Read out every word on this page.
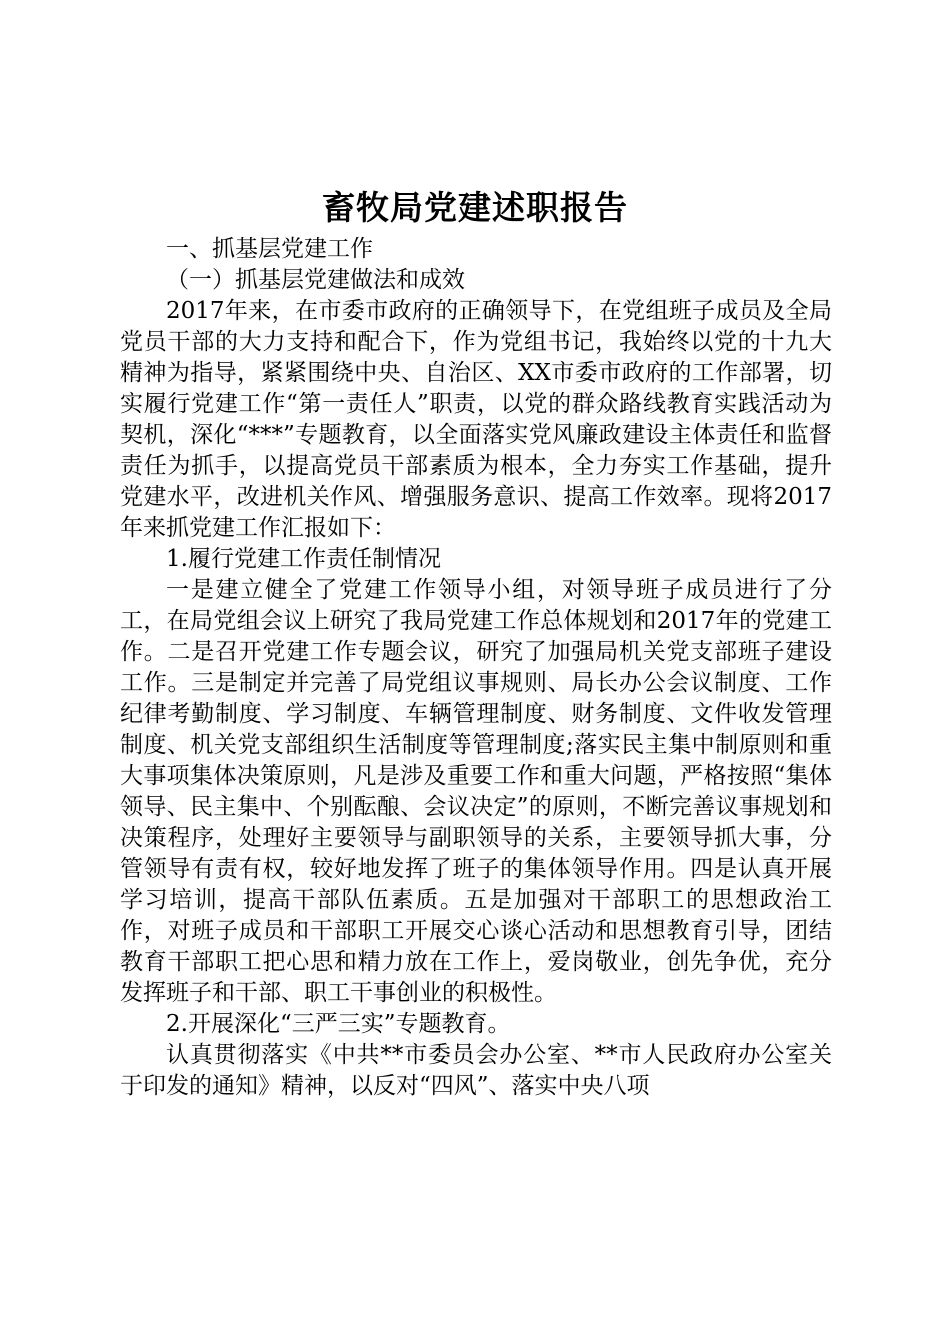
畜牧局党建述职报告

一、抓基层党建工作

（一）抓基层党建做法和成效

2017年来，在市委市政府的正确领导下，在党组班子成员及全局党员干部的大力支持和配合下，作为党组书记，我始终以党的十九大精神为指导，紧紧围绕中央、自治区、XX市委市政府的工作部署，切实履行党建工作“第一责任人”职责，以党的群众路线教育实践活动为契机，深化“***”专题教育，以全面落实党风廉政建设主体责任和监督责任为抓手，以提高党员干部素质为根本，全力夯实工作基础，提升党建水平，改进机关作风、增强服务意识、提高工作效率。现将2017年来抓党建工作汇报如下：

1.履行党建工作责任制情况

一是建立健全了党建工作领导小组，对领导班子成员进行了分工，在局党组会议上研究了我局党建工作总体规划和2017年的党建工作。二是召开党建工作专题会议，研究了加强局机关党支部班子建设工作。三是制定并完善了局党组议事规则、局长办公会议制度、工作纪律考勤制度、学习制度、车辆管理制度、财务制度、文件收发管理制度、机关党支部组织生活制度等管理制度;落实民主集中制原则和重大事项集体决策原则，凡是涉及重要工作和重大问题，严格按照“集体领导、民主集中、个别酝酿、会议决定”的原则，不断完善议事规划和决策程序，处理好主要领导与副职领导的关系，主要领导抓大事，分管领导有责有权，较好地发挥了班子的集体领导作用。四是认真开展学习培训，提高干部队伍素质。五是加强对干部职工的思想政治工作，对班子成员和干部职工开展交心谈心活动和思想教育引导，团结教育干部职工把心思和精力放在工作上，爱岗敬业，创先争优，充分发挥班子和干部、职工干事创业的积极性。

2.开展深化“三严三实”专题教育。

认真贯彻落实《中共**市委员会办公室、**市人民政府办公室关于印发的通知》精神，以反对“四风”、落实中央八项
